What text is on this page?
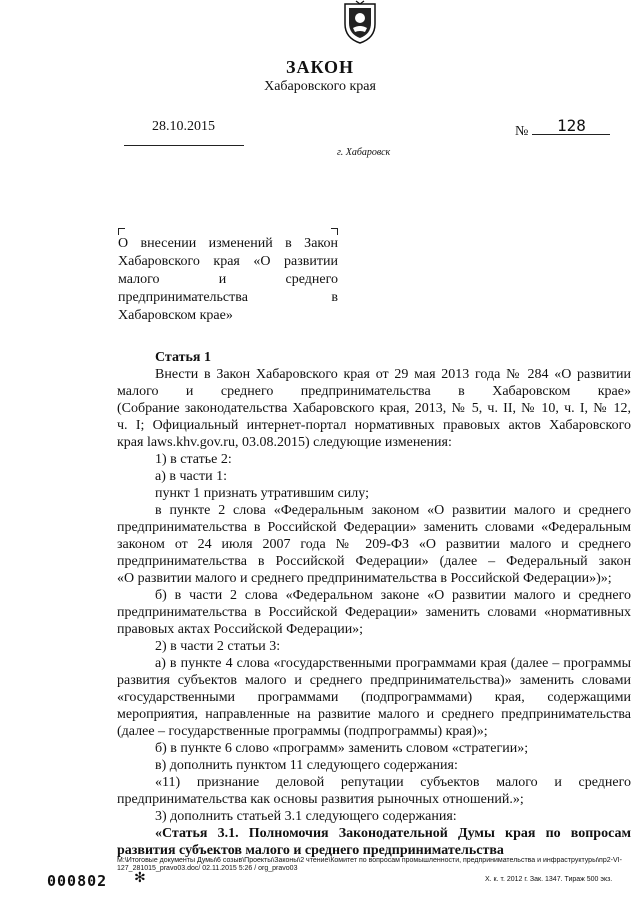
ЗАКОН
Хабаровского края
28.10.2015	№ 128
г. Хабаровск
О внесении изменений в Закон
Хабаровского края «О развитии
малого и среднего
предпринимательства в
Хабаровском крае»
Статья 1
Внести в Закон Хабаровского края от 29 мая 2013 года № 284 «О развитии
малого и среднего предпринимательства в Хабаровском крае»
(Собрание законодательства Хабаровского края, 2013, № 5, ч. II, № 10, ч. I, № 12,
ч. I; Официальный интернет-портал нормативных правовых актов Хабаровского
края laws.khv.gov.ru, 03.08.2015) следующие изменения:
1) в статье 2:
а) в части 1:
пункт 1 признать утратившим силу;
в пункте 2 слова «Федеральным законом «О развитии малого и среднего
предпринимательства в Российской Федерации» заменить словами «Федеральным
законом от 24 июля 2007 года № 209-ФЗ «О развитии малого и среднего
предпринимательства в Российской Федерации» (далее – Федеральный закон
«О развитии малого и среднего предпринимательства в Российской Федерации»)»;
б) в части 2 слова «Федеральном законе «О развитии малого и среднего
предпринимательства в Российской Федерации» заменить словами «нормативных
правовых актах Российской Федерации»;
2) в части 2 статьи 3:
а) в пункте 4 слова «государственными программами края (далее – программы
развития субъектов малого и среднего предпринимательства)» заменить словами
«государственными программами (подпрограммами) края, содержащими
мероприятия, направленные на развитие малого и среднего предпринимательства
(далее – государственные программы (подпрограммы) края)»;
б) в пункте 6 слово «программ» заменить словом «стратегии»;
в) дополнить пунктом 11 следующего содержания:
«11) признание деловой репутации субъектов малого и среднего
предпринимательства как основы развития рыночных отношений.»;
3) дополнить статьей 3.1 следующего содержания:
«Статья 3.1. Полномочия Законодательной Думы края по вопросам
развития субъектов малого и среднего предпринимательства
М:\Итоговые документы Думы\6 созыв\Проекты\Законы\2 чтение\Комитет по вопросам промышленности, предпринимательства и инфраструктуры\пр2-VI-
127_281015_pravo03.doc/ 02.11.2015 5:26 / org_pravo03
Х. к. т. 2012 г. Зак. 1347. Тираж 500 экз.
000802 ✻
